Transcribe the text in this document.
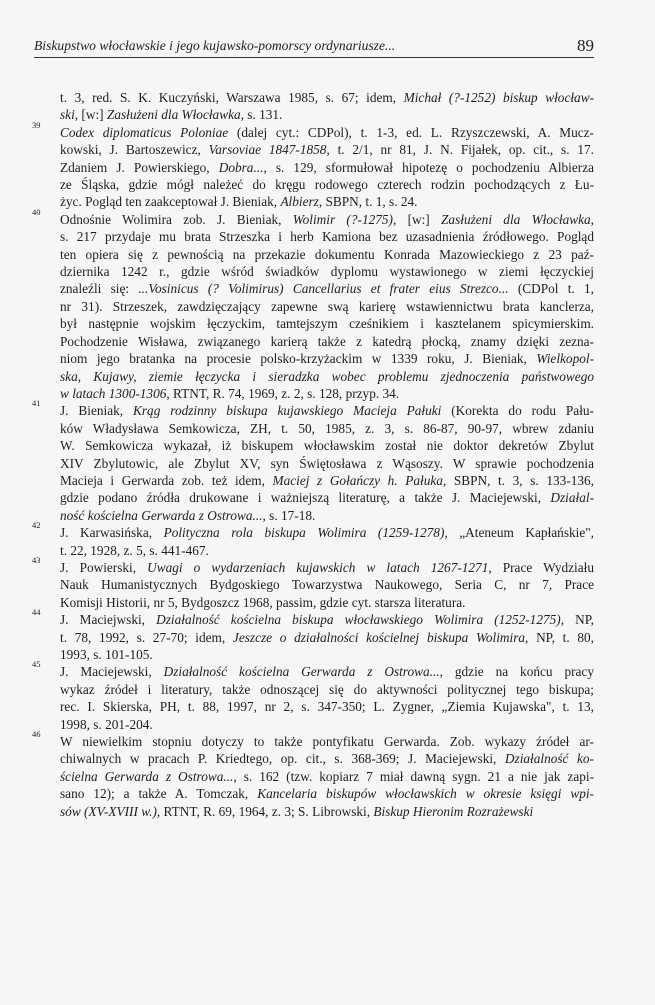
Biskupstwo włocławskie i jego kujawsko-pomorscy ordynariusze...	89
t. 3, red. S. K. Kuczyński, Warszawa 1985, s. 67; idem, Michał (?-1252) biskup włocław-
ski, [w:] Zasłużeni dla Włocławka, s. 131.
39 Codex diplomaticus Poloniae (dalej cyt.: CDPol), t. 1-3, ed. L. Rzyszczewski, A. Mucz-
kowski, J. Bartoszewicz, Varsoviae 1847-1858, t. 2/1, nr 81, J. N. Fijałek, op. cit., s. 17.
Zdaniem J. Powierskiego, Dobra..., s. 129, sformułował hipotezę o pochodzeniu Albierza
ze Śląska, gdzie mógł należeć do kręgu rodowego czterech rodzin pochodzących z Łu-
życ. Pogląd ten zaakceptował J. Bieniak, Albierz, SBPN, t. 1, s. 24.
40 Odnośnie Wolimira zob. J. Bieniak, Wolimir (?-1275), [w:] Zasłużeni dla Włocławka,
s. 217 przydaje mu brata Strzeszka i herb Kamiona bez uzasadnienia źródłowego. Pogląd
ten opiera się z pewnością na przekazie dokumentu Konrada Mazowieckiego z 23 paź-
dziernika 1242 r., gdzie wśród świadków dyplomu wystawionego w ziemi łęczyckiej
znaleźli się: ...Vosinicus (? Volimirus) Cancellarius et frater eius Strezco... (CDPol t. 1,
nr 31). Strzeszek, zawdzięczający zapewne swą karierę wstawiennictwu brata kanclerza,
był następnie wojskim łęczyckim, tamtejszym cześnikiem i kasztelanem spicymierskim.
Pochodzenie Wisława, związanego karierą także z katedrą płocką, znamy dzięki zezna-
niom jego bratanka na procesie polsko-krzyżackim w 1339 roku, J. Bieniak, Wielkopol-
ska, Kujawy, ziemie łęczycka i sieradzka wobec problemu zjednoczenia państwowego
w latach 1300-1306, RTNT, R. 74, 1969, z. 2, s. 128, przyp. 34.
41 J. Bieniak, Krąg rodzinny biskupa kujawskiego Macieja Pałuki (Korekta do rodu Pału-
ków Władysława Semkowicza, ZH, t. 50, 1985, z. 3, s. 86-87, 90-97, wbrew zdaniu
W. Semkowicza wykazał, iż biskupem włocławskim został nie doktor dekretów Zbylut
XIV Zbylutowic, ale Zbylut XV, syn Świętosława z Wąsoszy. W sprawie pochodzenia
Macieja i Gerwarda zob. też idem, Maciej z Gołańczy h. Pałuka, SBPN, t. 3, s. 133-136,
gdzie podano źródła drukowane i ważniejszą literaturę, a także J. Maciejewski, Działal-
ność kościelna Gerwarda z Ostrowa..., s. 17-18.
42 J. Karwasińska, Polityczna rola biskupa Wolimira (1259-1278), „Ateneum Kapłańskie",
t. 22, 1928, z. 5, s. 441-467.
43 J. Powierski, Uwagi o wydarzeniach kujawskich w latach 1267-1271, Prace Wydziału
Nauk Humanistycznych Bydgoskiego Towarzystwa Naukowego, Seria C, nr 7, Prace
Komisji Historii, nr 5, Bydgoszcz 1968, passim, gdzie cyt. starsza literatura.
44 J. Maciejwski, Działalność kościelna biskupa włocławskiego Wolimira (1252-1275), NP,
t. 78, 1992, s. 27-70; idem, Jeszcze o działalności kościelnej biskupa Wolimira, NP, t. 80,
1993, s. 101-105.
45 J. Maciejewski, Działalność kościelna Gerwarda z Ostrowa..., gdzie na końcu pracy
wykaz źródeł i literatury, także odnoszącej się do aktywności politycznej tego biskupa;
rec. I. Skierska, PH, t. 88, 1997, nr 2, s. 347-350; L. Zygner, „Ziemia Kujawska", t. 13,
1998, s. 201-204.
46 W niewielkim stopniu dotyczy to także pontyfikatu Gerwarda. Zob. wykazy źródeł ar-
chiwalnych w pracach P. Kriedtego, op. cit., s. 368-369; J. Maciejewski, Działalność ko-
ścielna Gerwarda z Ostrowa..., s. 162 (tzw. kopiarz 7 miał dawną sygn. 21 a nie jak zapi-
sano 12); a także A. Tomczak, Kancelaria biskupów włocławskich w okresie księgi wpi-
sów (XV-XVIII w.), RTNT, R. 69, 1964, z. 3; S. Librowski, Biskup Hieronim Rozrażewski
